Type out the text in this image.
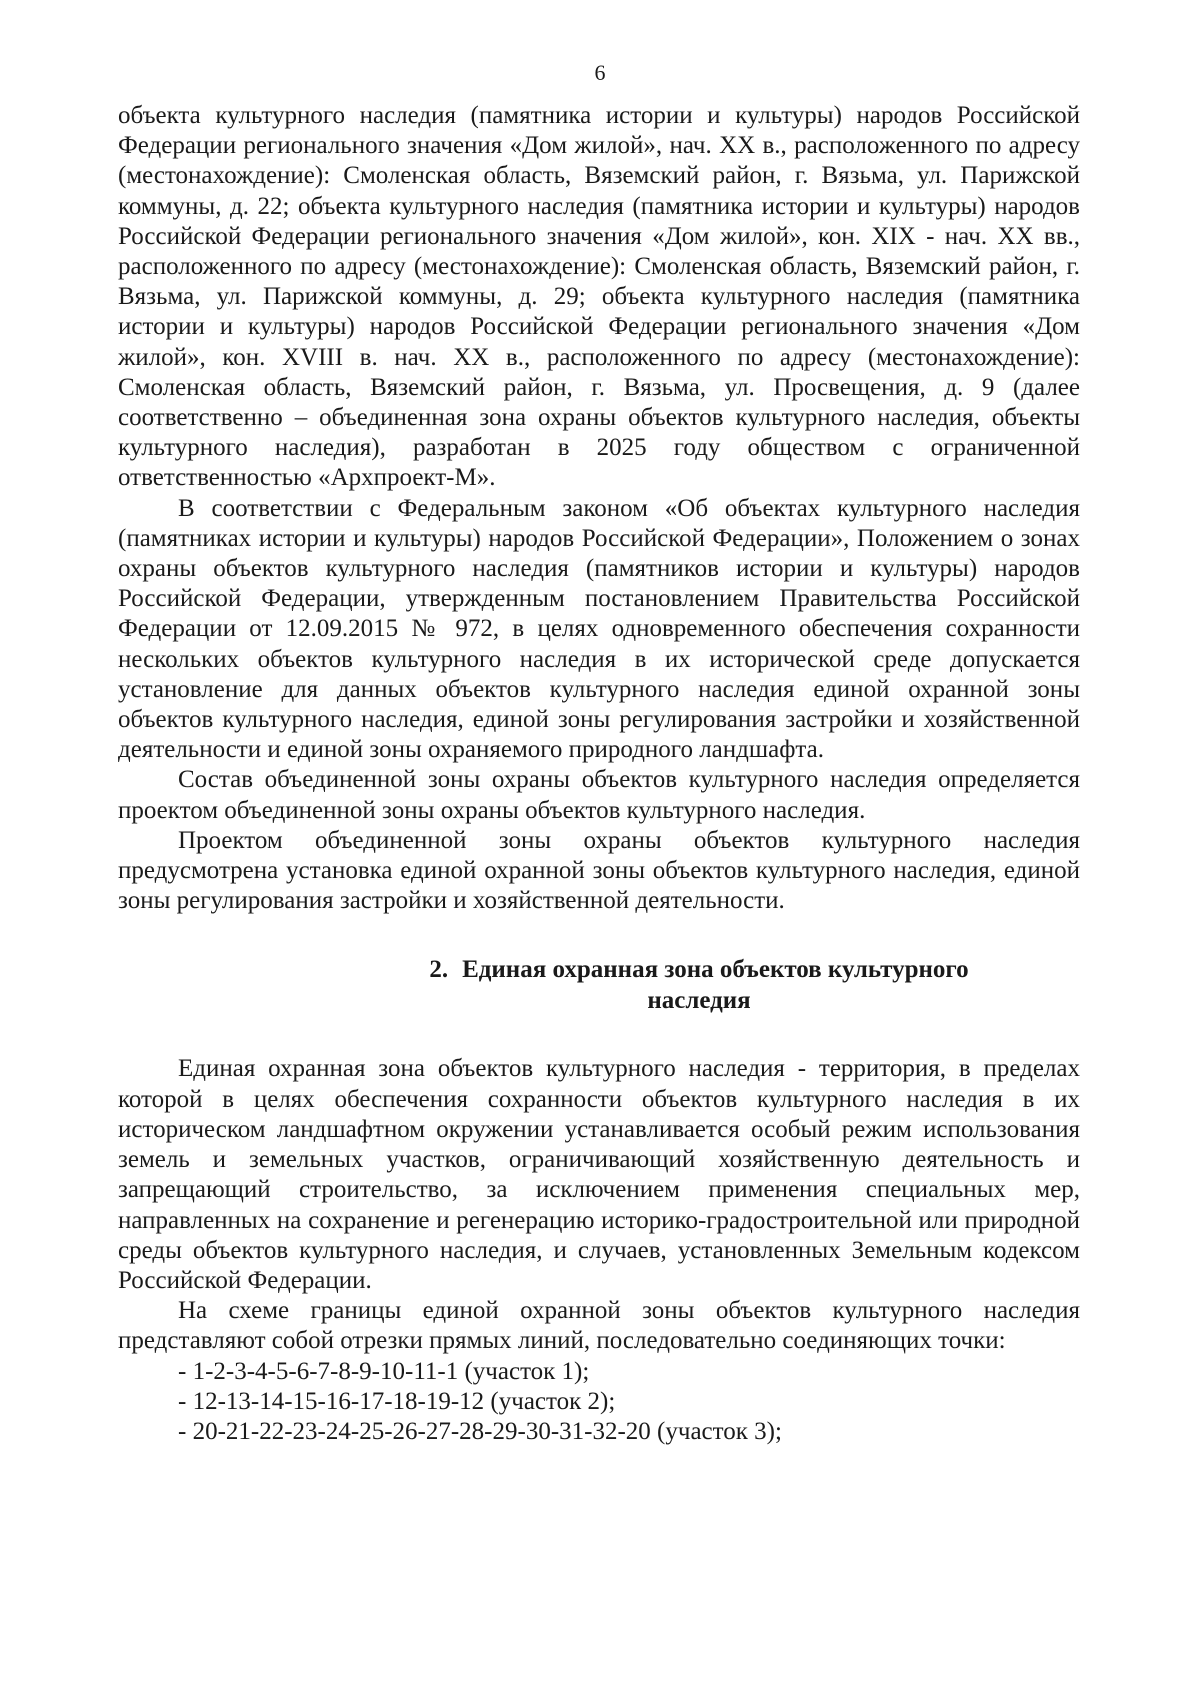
6

объекта культурного наследия (памятника истории и культуры) народов Российской Федерации регионального значения «Дом жилой», нач. XX в., расположенного по адресу (местонахождение): Смоленская область, Вяземский район, г. Вязьма, ул. Парижской коммуны, д. 22; объекта культурного наследия (памятника истории и культуры) народов Российской Федерации регионального значения «Дом жилой», кон. XIX - нач. XX вв., расположенного по адресу (местонахождение): Смоленская область, Вяземский район, г. Вязьма, ул. Парижской коммуны, д. 29; объекта культурного наследия (памятника истории и культуры) народов Российской Федерации регионального значения «Дом жилой», кон. XVIII в. нач. XX в., расположенного по адресу (местонахождение): Смоленская область, Вяземский район, г. Вязьма, ул. Просвещения, д. 9 (далее соответственно – объединенная зона охраны объектов культурного наследия, объекты культурного наследия), разработан в 2025 году обществом с ограниченной ответственностью «Архпроект-М».

В соответствии с Федеральным законом «Об объектах культурного наследия (памятниках истории и культуры) народов Российской Федерации», Положением о зонах охраны объектов культурного наследия (памятников истории и культуры) народов Российской Федерации, утвержденным постановлением Правительства Российской Федерации от 12.09.2015 № 972, в целях одновременного обеспечения сохранности нескольких объектов культурного наследия в их исторической среде допускается установление для данных объектов культурного наследия единой охранной зоны объектов культурного наследия, единой зоны регулирования застройки и хозяйственной деятельности и единой зоны охраняемого природного ландшафта.

Состав объединенной зоны охраны объектов культурного наследия определяется проектом объединенной зоны охраны объектов культурного наследия.

Проектом объединенной зоны охраны объектов культурного наследия предусмотрена установка единой охранной зоны объектов культурного наследия, единой зоны регулирования застройки и хозяйственной деятельности.

2. Единая охранная зона объектов культурного наследия

Единая охранная зона объектов культурного наследия - территория, в пределах которой в целях обеспечения сохранности объектов культурного наследия в их историческом ландшафтном окружении устанавливается особый режим использования земель и земельных участков, ограничивающий хозяйственную деятельность и запрещающий строительство, за исключением применения специальных мер, направленных на сохранение и регенерацию историко-градостроительной или природной среды объектов культурного наследия, и случаев, установленных Земельным кодексом Российской Федерации.

На схеме границы единой охранной зоны объектов культурного наследия представляют собой отрезки прямых линий, последовательно соединяющих точки:

- 1-2-3-4-5-6-7-8-9-10-11-1 (участок 1);
- 12-13-14-15-16-17-18-19-12 (участок 2);
- 20-21-22-23-24-25-26-27-28-29-30-31-32-20 (участок 3);
